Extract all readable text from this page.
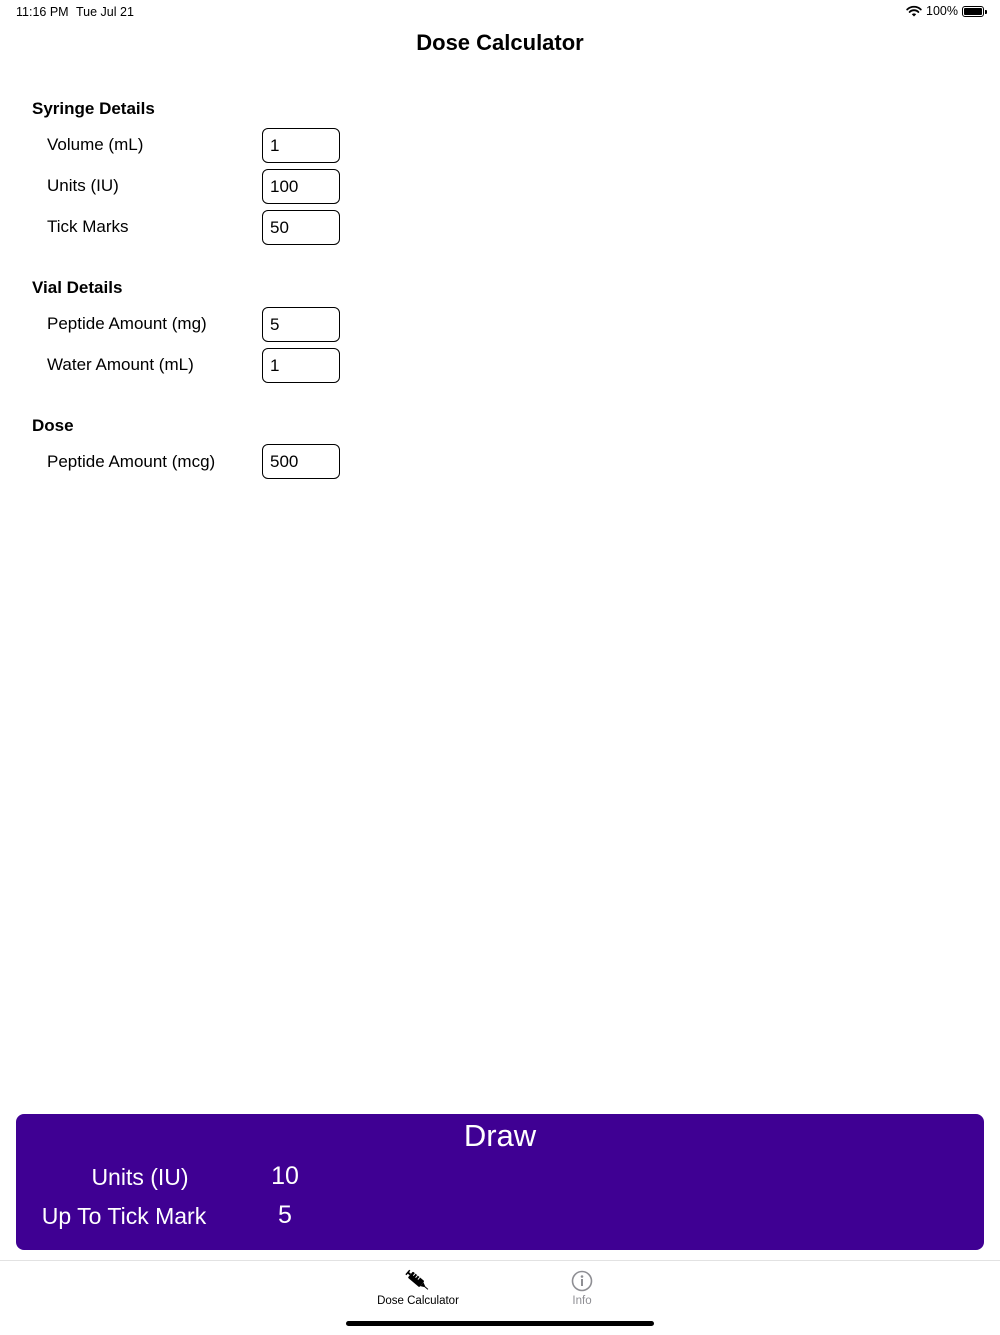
11:16 PM Tue Jul 21	100%
Dose Calculator
Syringe Details
Volume (mL)
1
Units (IU)
100
Tick Marks
50
Vial Details
Peptide Amount (mg)
5
Water Amount (mL)
1
Dose
Peptide Amount (mcg)
500
Draw
Units (IU)	10
Up To Tick Mark	5
Dose Calculator	Info
